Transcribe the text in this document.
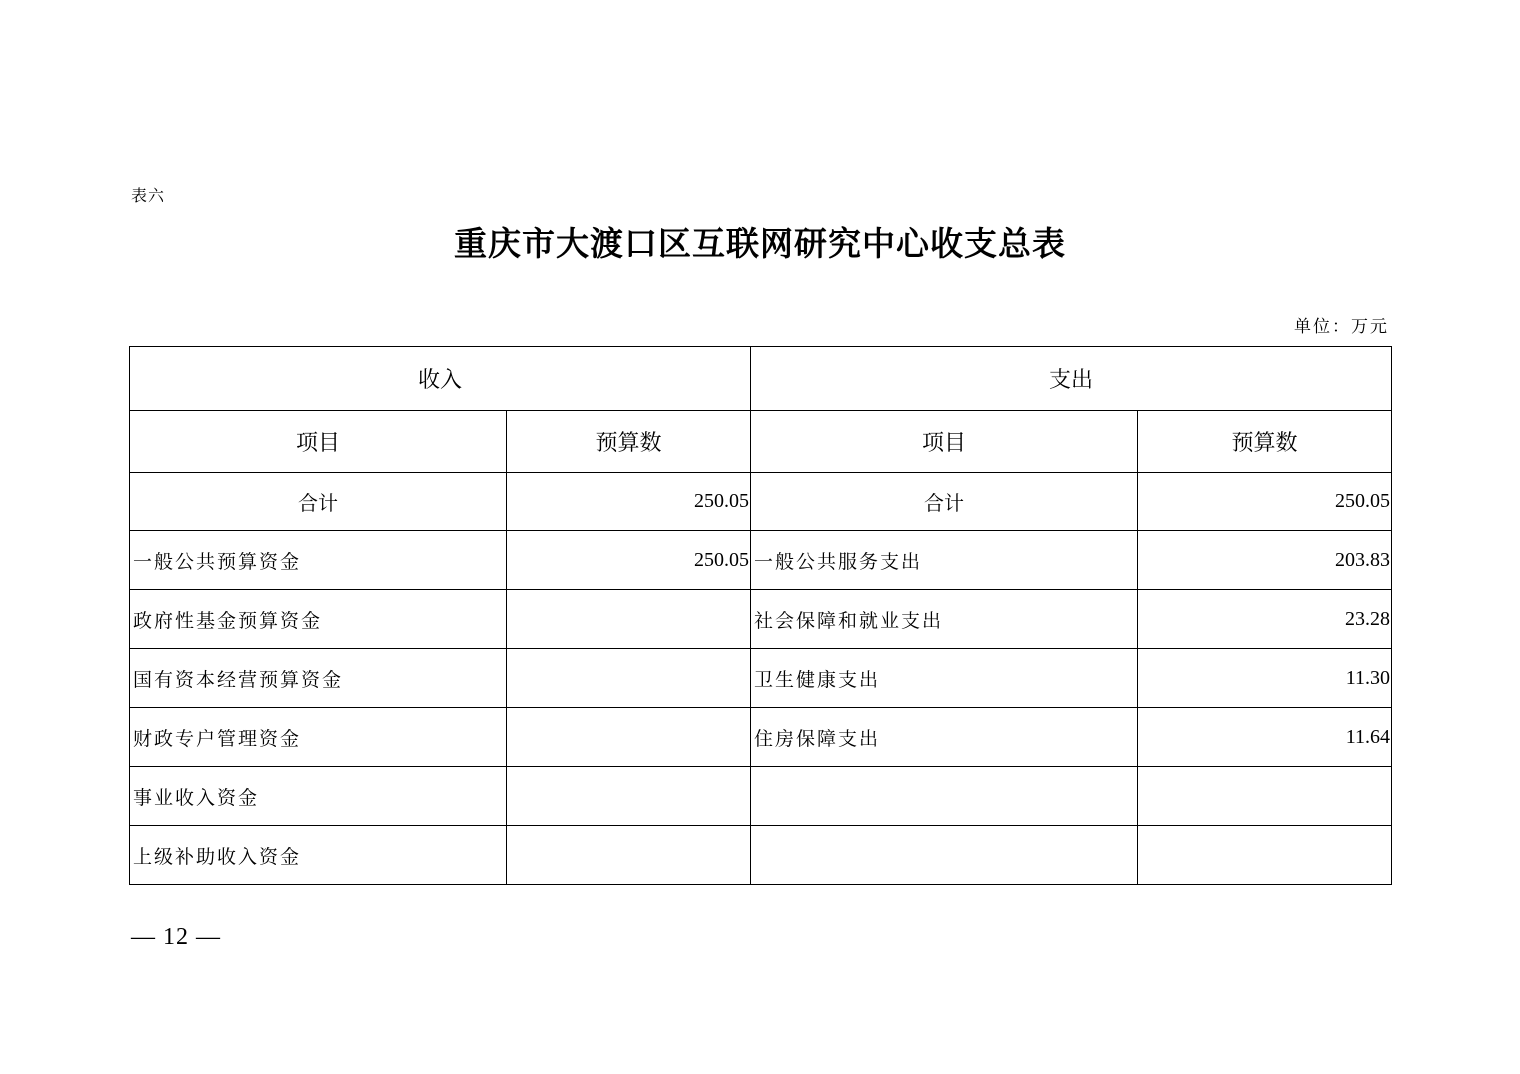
表六
重庆市大渡口区互联网研究中心收支总表
单位：万元
收入		支出	
项目	预算数	项目	预算数
合计	250.05	合计	250.05
一般公共预算资金	250.05	一般公共服务支出	203.83
政府性基金预算资金		社会保障和就业支出	23.28
国有资本经营预算资金		卫生健康支出	11.30
财政专户管理资金		住房保障支出	11.64
事业收入资金			
上级补助收入资金			
— 12 —
